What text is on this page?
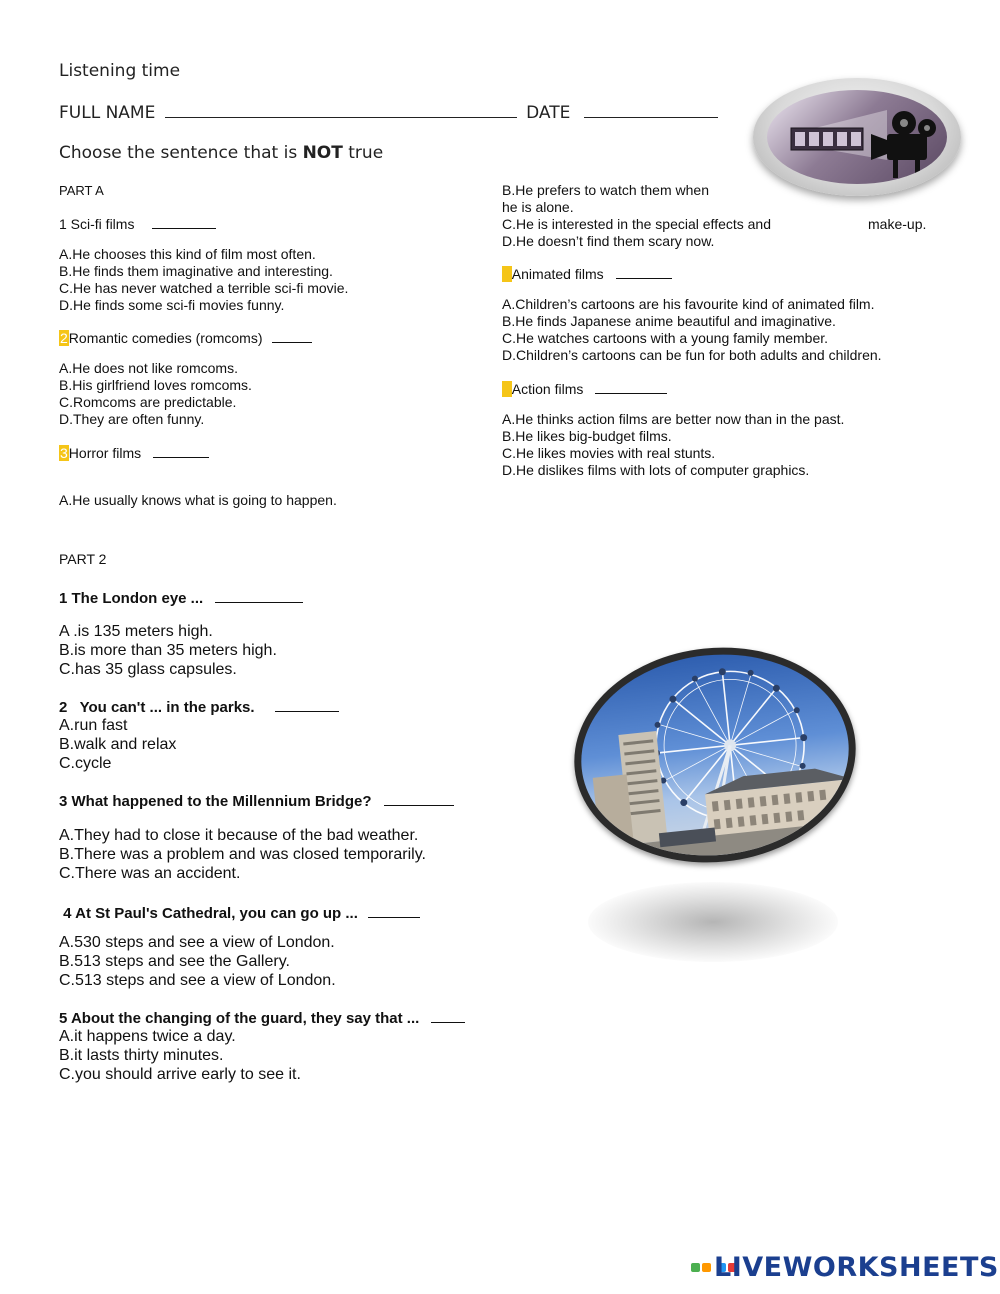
Listening time
FULL NAME	DATE
Choose the sentence that is NOT true
PART A
1 Sci-fi films
A.He chooses this kind of film most often.
B.He finds them imaginative and interesting.
C.He has never watched a terrible sci-fi movie.
D.He finds some sci-fi movies funny.
2Romantic comedies (romcoms)
A.He does not like romcoms.
B.His girlfriend loves romcoms.
C.Romcoms are predictable.
D.They are often funny.
3Horror films
A.He usually knows what is going to happen.
B.He prefers to watch them when
he is alone.
C.He is interested in the special effects and	make-up.
D.He doesn’t find them scary now.
4Animated films
A.Children’s cartoons are his favourite kind of animated film.
B.He finds Japanese anime beautiful and imaginative.
C.He watches cartoons with a young family member.
D.Children’s cartoons can be fun for both adults and children.
5Action films
A.He thinks action films are better now than in the past.
B.He likes big-budget films.
C.He likes movies with real stunts.
D.He dislikes films with lots of computer graphics.
PART 2
1 The London eye ...
A .is 135 meters high.
B.is more than 35 meters high.
C.has 35 glass capsules.
2   You can't ... in the parks.
A.run fast
B.walk and relax
C.cycle
3 What happened to the Millennium Bridge?
A.They had to close it because of the bad weather.
B.There was a problem and was closed temporarily.
C.There was an accident.
4 At St Paul's Cathedral, you can go up ...
A.530 steps and see a view of London.
B.513 steps and see the Gallery.
C.513 steps and see a view of London.
5 About the changing of the guard, they say that ...
A.it happens twice a day.
B.it lasts thirty minutes.
C.you should arrive early to see it.
LIVEWORKSHEETS
